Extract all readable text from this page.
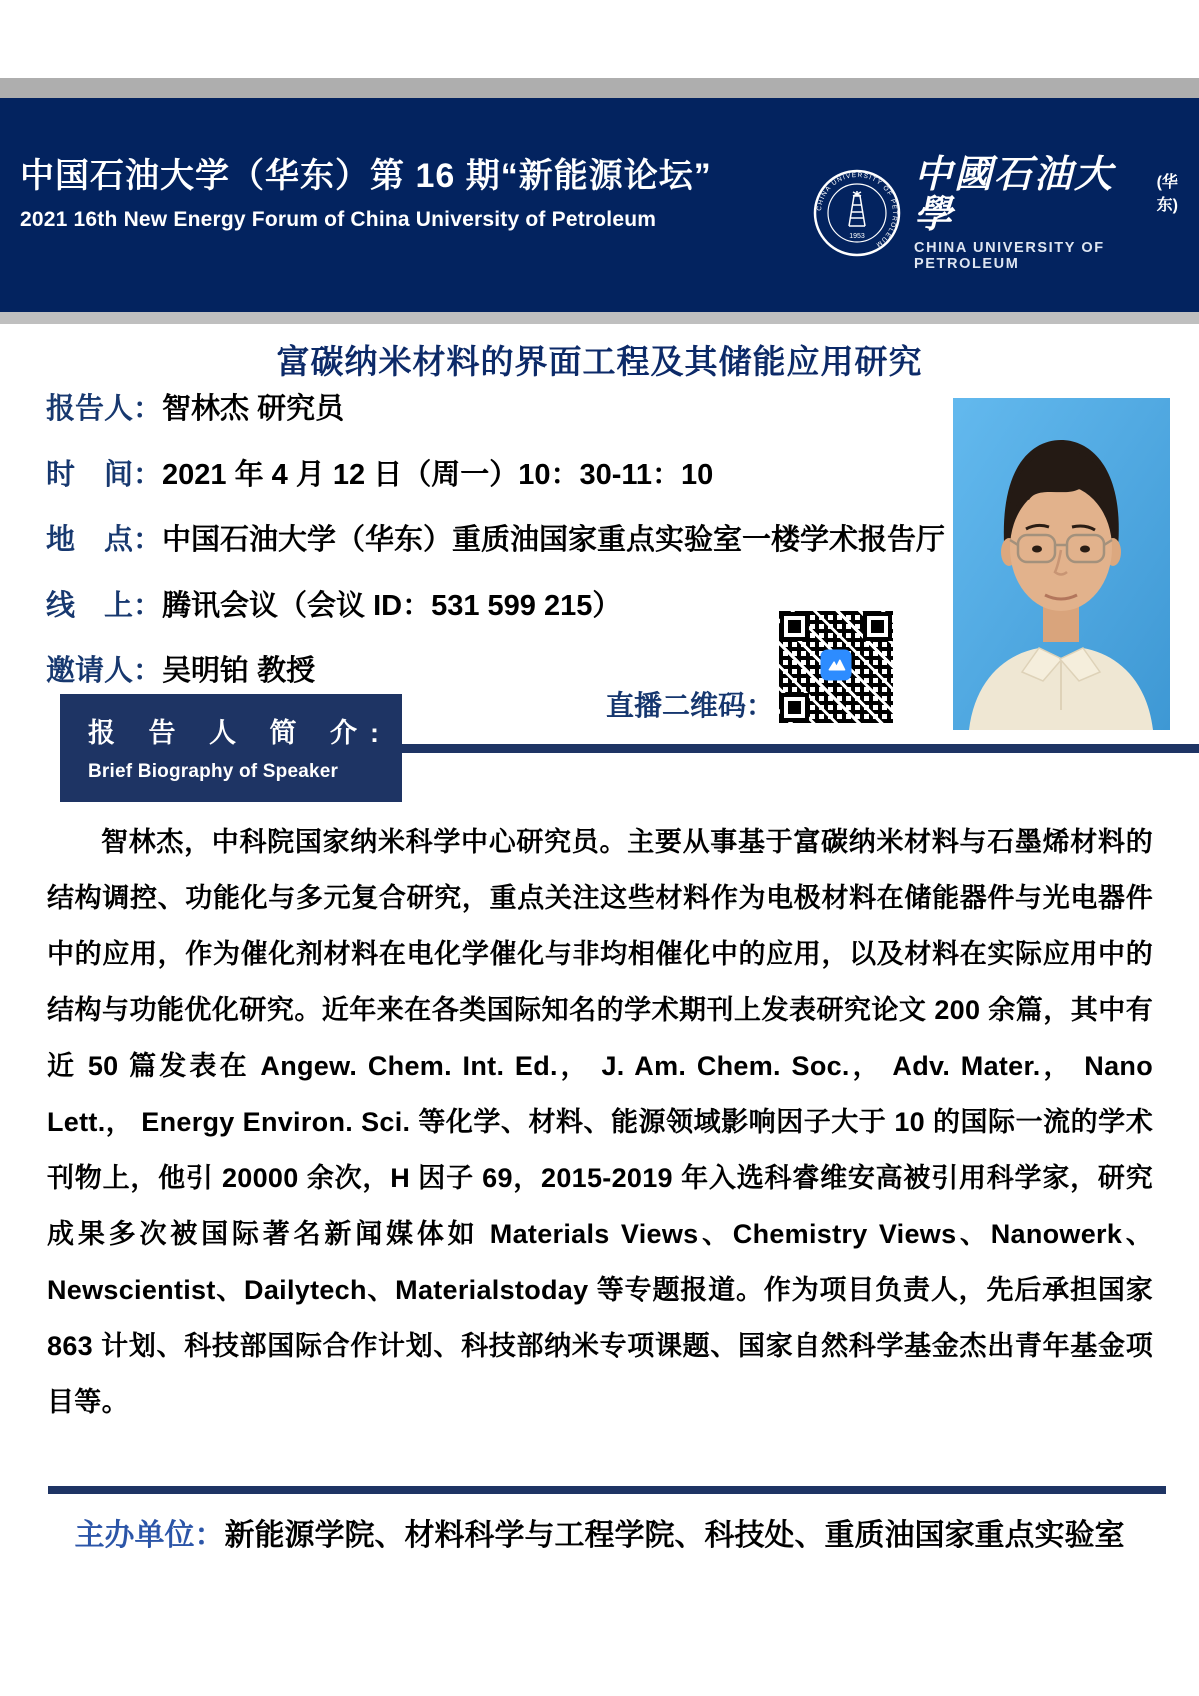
中国石油大学（华东）第 16 期“新能源论坛”
2021 16th New Energy Forum of China University of Petroleum
CHINA UNIVERSITY OF PETROLEUM
1953
中國石油大學
(华东)
CHINA UNIVERSITY OF PETROLEUM
富碳纳米材料的界面工程及其储能应用研究
报告人：智林杰 研究员
时　间：2021 年 4 月 12 日（周一）10：30-11：10
地　点：中国石油大学（华东）重质油国家重点实验室一楼学术报告厅
线　上：腾讯会议（会议 ID：531 599 215）
邀请人：吴明铂 教授
直播二维码：
报 告 人 简 介:
Brief Biography of Speaker
智林杰，中科院国家纳米科学中心研究员。主要从事基于富碳纳米材料与石墨烯材料的结构调控、功能化与多元复合研究，重点关注这些材料作为电极材料在储能器件与光电器件中的应用，作为催化剂材料在电化学催化与非均相催化中的应用，以及材料在实际应用中的结构与功能优化研究。近年来在各类国际知名的学术期刊上发表研究论文 200 余篇，其中有近 50 篇发表在 Angew. Chem. Int. Ed.， J. Am. Chem. Soc.， Adv. Mater.， Nano Lett.， Energy Environ. Sci. 等化学、材料、能源领域影响因子大于 10 的国际一流的学术刊物上，他引 20000 余次，H 因子 69，2015-2019 年入选科睿维安高被引用科学家，研究成果多次被国际著名新闻媒体如 Materials Views、Chemistry Views、Nanowerk、Newscientist、Dailytech、Materialstoday 等专题报道。作为项目负责人，先后承担国家 863 计划、科技部国际合作计划、科技部纳米专项课题、国家自然科学基金杰出青年基金项目等。
主办单位：新能源学院、材料科学与工程学院、科技处、重质油国家重点实验室
